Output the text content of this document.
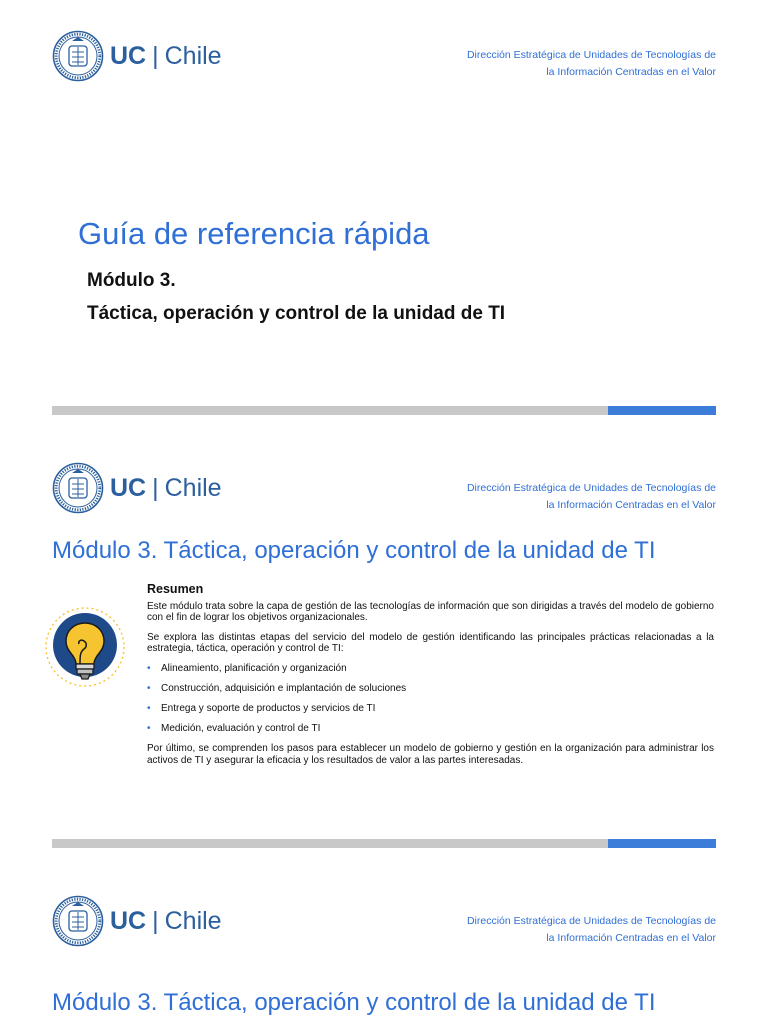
UC | Chile	Dirección Estratégica de Unidades de Tecnologías de
la Información Centradas en el Valor
Guía de referencia rápida
Módulo 3.
Táctica, operación y control de la unidad de TI
UC | Chile	Dirección Estratégica de Unidades de Tecnologías de
la Información Centradas en el Valor
Módulo 3. Táctica, operación y control de la unidad de TI
Resumen

Este módulo trata sobre la capa de gestión de las tecnologías de información que son dirigidas a través del modelo de gobierno con el fin de lograr los objetivos organizacionales.

Se explora las distintas etapas del servicio del modelo de gestión identificando las principales prácticas relacionadas a la estrategia, táctica, operación y control de TI:

• Alineamiento, planificación y organización
• Construcción, adquisición e implantación de soluciones
• Entrega y soporte de productos y servicios de TI
• Medición, evaluación y control de TI

Por último, se comprenden los pasos para establecer un modelo de gobierno y gestión en la organización para administrar los activos de TI y asegurar la eficacia y los resultados de valor a las partes interesadas.

UC | Chile	Dirección Estratégica de Unidades de Tecnologías de
la Información Centradas en el Valor
Módulo 3. Táctica, operación y control de la unidad de TI
